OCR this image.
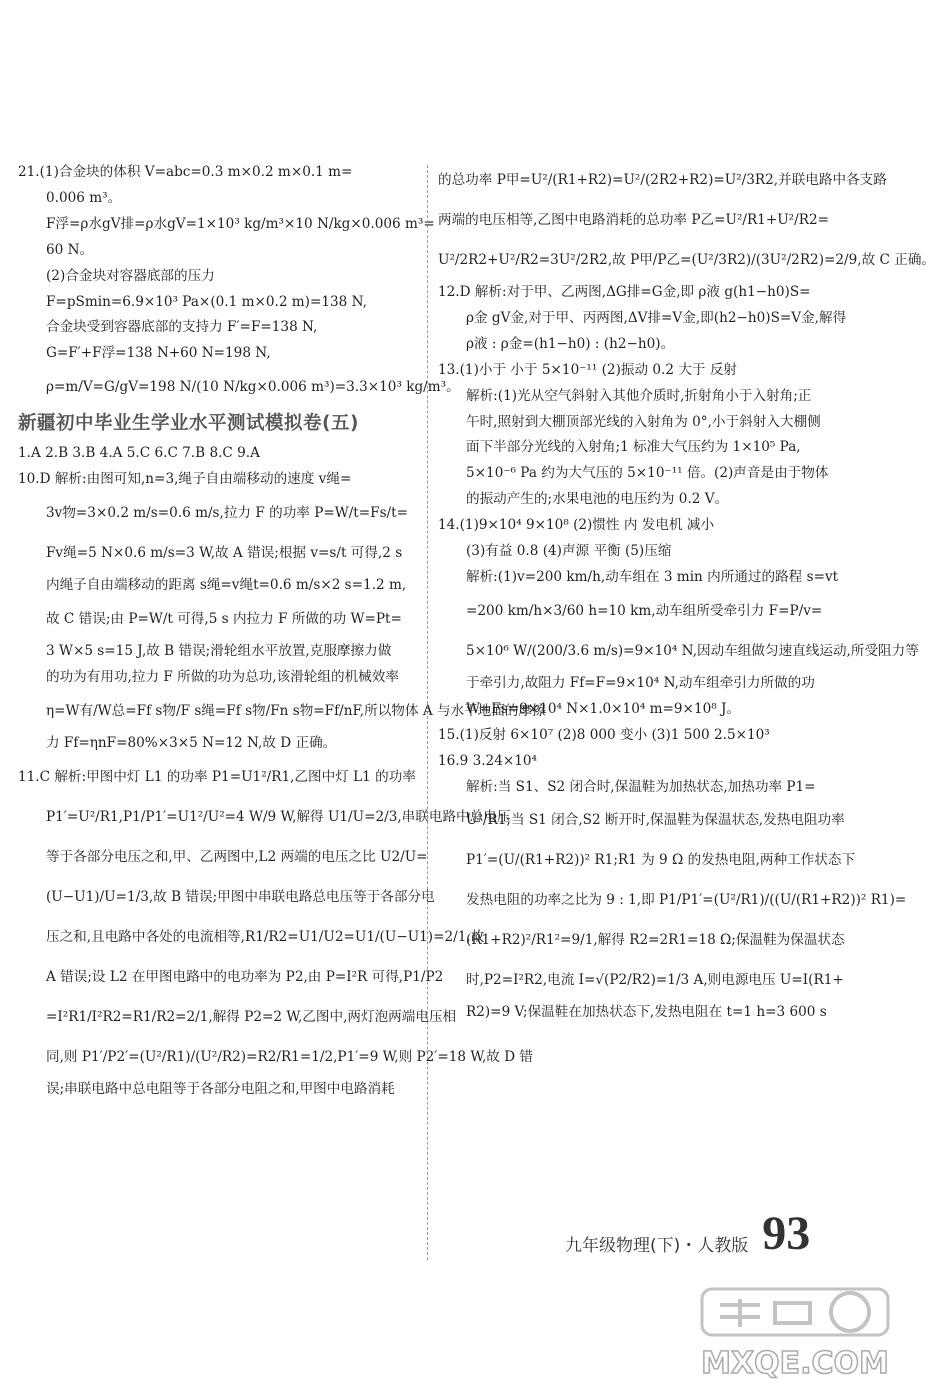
21.(1)合金块的体积 V=abc=0.3 m×0.2 m×0.1 m=
0.006 m³。
F浮=ρ水gV排=ρ水gV=1×10³ kg/m³×10 N/kg×0.006 m³=
60 N。
(2)合金块对容器底部的压力
F=pSmin=6.9×10³ Pa×(0.1 m×0.2 m)=138 N,
合金块受到容器底部的支持力 F′=F=138 N,
G=F′+F浮=138 N+60 N=198 N,
ρ=m/V=G/gV=198 N/(10 N/kg×0.006 m³)=3.3×10³ kg/m³。
新疆初中毕业生学业水平测试模拟卷(五)
1.A 2.B 3.B 4.A 5.C 6.C 7.B 8.C 9.A
10.D 解析:由图可知,n=3,绳子自由端移动的速度 v绳=
3v物=3×0.2 m/s=0.6 m/s,拉力 F 的功率 P=W/t=Fs/t=
Fv绳=5 N×0.6 m/s=3 W,故 A 错误;根据 v=s/t 可得,2 s
内绳子自由端移动的距离 s绳=v绳t=0.6 m/s×2 s=1.2 m,
故 C 错误;由 P=W/t 可得,5 s 内拉力 F 所做的功 W=Pt=
3 W×5 s=15 J,故 B 错误;滑轮组水平放置,克服摩擦力做
的功为有用功,拉力 F 所做的功为总功,该滑轮组的机械效率
η=W有/W总=Ff s物/F s绳=Ff s物/Fn s物=Ff/nF,所以物体 A 与水平地面的摩擦
力 Ff=ηnF=80%×3×5 N=12 N,故 D 正确。
11.C 解析:甲图中灯 L1 的功率 P1=U1²/R1,乙图中灯 L1 的功率
P1′=U²/R1,P1/P1′=U1²/U²=4 W/9 W,解得 U1/U=2/3,串联电路中总电压
等于各部分电压之和,甲、乙两图中,L2 两端的电压之比 U2/U=
(U−U1)/U=1/3,故 B 错误;甲图中串联电路总电压等于各部分电
压之和,且电路中各处的电流相等,R1/R2=U1/U2=U1/(U−U1)=2/1,故
A 错误;设 L2 在甲图电路中的电功率为 P2,由 P=I²R 可得,P1/P2
=I²R1/I²R2=R1/R2=2/1,解得 P2=2 W,乙图中,两灯泡两端电压相
同,则 P1′/P2′=(U²/R1)/(U²/R2)=R2/R1=1/2,P1′=9 W,则 P2′=18 W,故 D 错
误;串联电路中总电阻等于各部分电阻之和,甲图中电路消耗
的总功率 P甲=U²/(R1+R2)=U²/(2R2+R2)=U²/3R2,并联电路中各支路
两端的电压相等,乙图中电路消耗的总功率 P乙=U²/R1+U²/R2=
U²/2R2+U²/R2=3U²/2R2,故 P甲/P乙=(U²/3R2)/(3U²/2R2)=2/9,故 C 正确。
12.D 解析:对于甲、乙两图,ΔG排=G金,即 ρ液 g(h1−h0)S=
ρ金 gV金,对于甲、丙两图,ΔV排=V金,即(h2−h0)S=V金,解得
ρ液 : ρ金=(h1−h0) : (h2−h0)。
13.(1)小于 小于 5×10⁻¹¹ (2)振动 0.2 大于 反射
解析:(1)光从空气斜射入其他介质时,折射角小于入射角;正
午时,照射到大棚顶部光线的入射角为 0°,小于斜射入大棚侧
面下半部分光线的入射角;1 标准大气压约为 1×10⁵ Pa,
5×10⁻⁶ Pa 约为大气压的 5×10⁻¹¹ 倍。(2)声音是由于物体
的振动产生的;水果电池的电压约为 0.2 V。
14.(1)9×10⁴ 9×10⁸ (2)惯性 内 发电机 减小
(3)有益 0.8 (4)声源 平衡 (5)压缩
解析:(1)v=200 km/h,动车组在 3 min 内所通过的路程 s=vt
=200 km/h×3/60 h=10 km,动车组所受牵引力 F=P/v=
5×10⁶ W/(200/3.6 m/s)=9×10⁴ N,因动车组做匀速直线运动,所受阻力等
于牵引力,故阻力 Ff=F=9×10⁴ N,动车组牵引力所做的功
W=Fs=9×10⁴ N×1.0×10⁴ m=9×10⁸ J。
15.(1)反射 6×10⁷ (2)8 000 变小 (3)1 500 2.5×10³
16.9 3.24×10⁴
解析:当 S1、S2 闭合时,保温鞋为加热状态,加热功率 P1=
U²/R1;当 S1 闭合,S2 断开时,保温鞋为保温状态,发热电阻功率
P1′=(U/(R1+R2))² R1;R1 为 9 Ω 的发热电阻,两种工作状态下
发热电阻的功率之比为 9 : 1,即 P1/P1′=(U²/R1)/((U/(R1+R2))² R1)=
(R1+R2)²/R1²=9/1,解得 R2=2R1=18 Ω;保温鞋为保温状态
时,P2=I²R2,电流 I=√(P2/R2)=1/3 A,则电源电压 U=I(R1+
R2)=9 V;保温鞋在加热状态下,发热电阻在 t=1 h=3 600 s
九年级物理(下)・人教版 93
MXQE.COM
